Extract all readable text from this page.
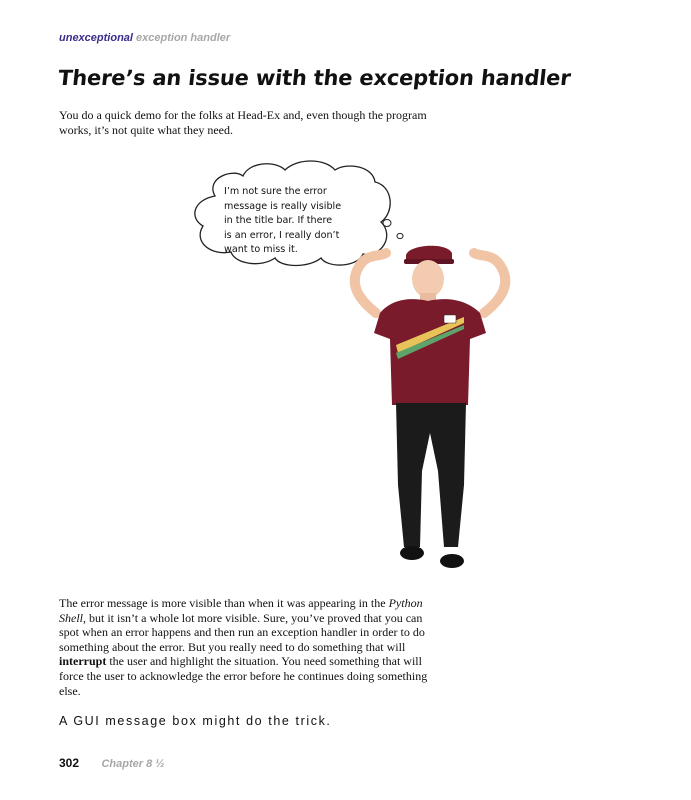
unexceptional exception handler
There’s an issue with the exception handler
You do a quick demo for the folks at Head-Ex and, even though the program works, it’s not quite what they need.
I’m not sure the error
message is really visible
in the title bar. If there
is an error, I really don’t
want to miss it.

The error message is more visible than when it was appearing in the Python Shell, but it isn’t a whole lot more visible. Sure, you’ve proved that you can spot when an error happens and then run an exception handler in order to do something about the error. But you really need to do something that will interrupt the user and highlight the situation. You need something that will force the user to acknowledge the error before he continues doing something else.

A GUI message box might do the trick.
302 Chapter 8 ½
